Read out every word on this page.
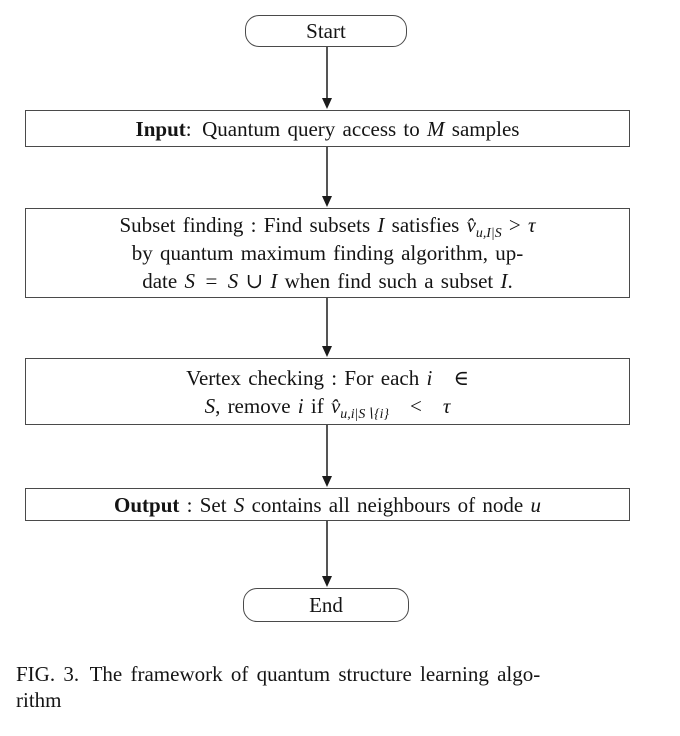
Start
Input: Quantum query access to M samples
Subset finding : Find subsets I satisfies $v̂_{u,I|S} > \tau$
by quantum maximum finding algorithm, up-
date S = S ∪ I when find such a subset I.
Vertex checking : For each i  ∈
S, remove i if $v̂_{u,i|S∖\{i\}}$  <  τ
Output : Set S contains all neighbours of node u
End
FIG. 3. The framework of quantum structure learning algo-
rithm
